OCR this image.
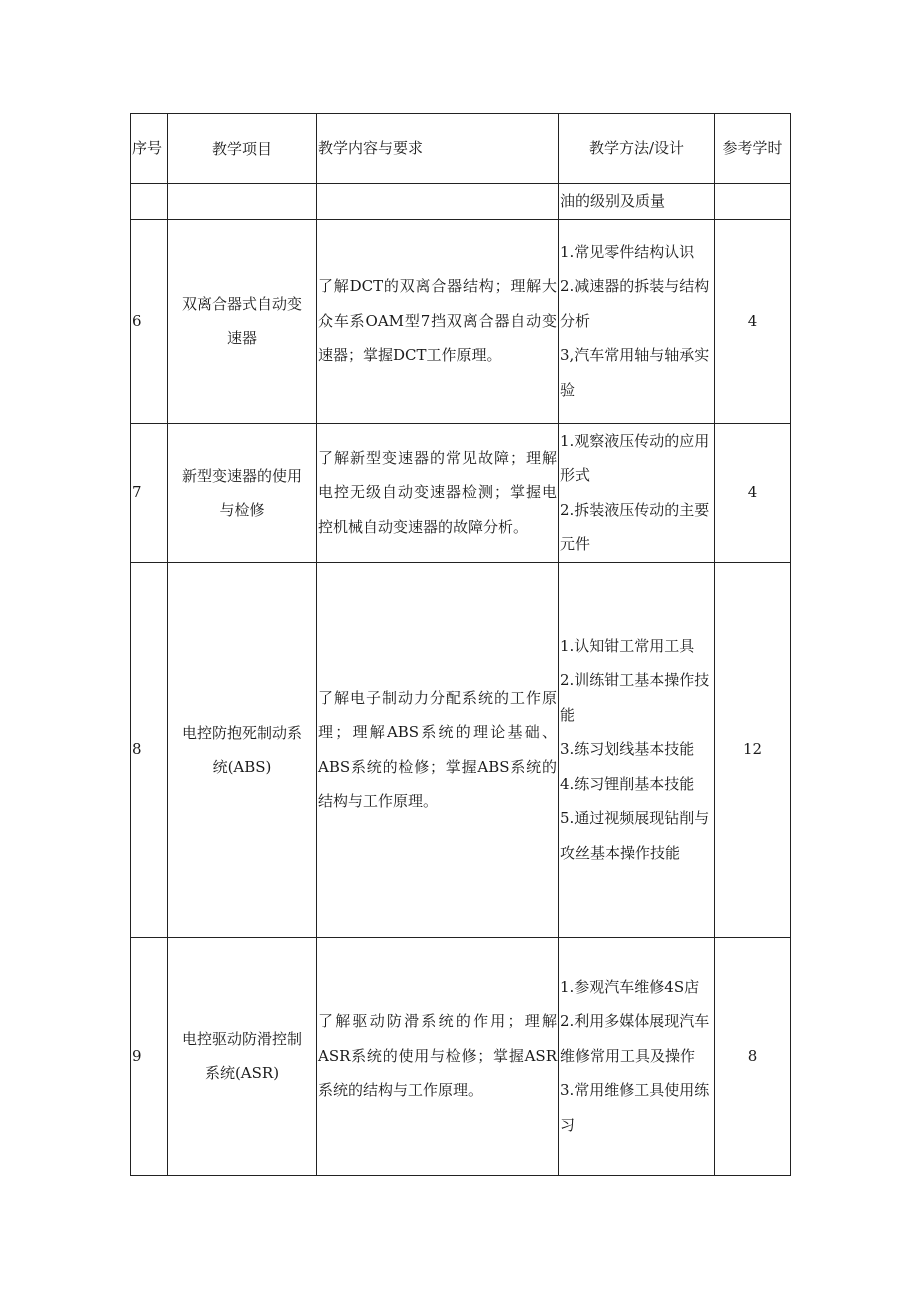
序号	教学项目	教学内容与要求	教学方法/设计	参考学时
			油的级别及质量	
6	双离合器式自动变速器	了解DCT的双离合器结构；理解大众车系OAM型7挡双离合器自动变速器；掌握DCT工作原理。	1.常见零件结构认识
2.减速器的拆装与结构分析
3,汽车常用轴与轴承实验	4
7	新型变速器的使用与检修	了解新型变速器的常见故障；理解电控无级自动变速器检测；掌握电控机械自动变速器的故障分析。	1.观察液压传动的应用形式
2.拆装液压传动的主要元件	4
8	电控防抱死制动系统(ABS)	了解电子制动力分配系统的工作原理；理解ABS系统的理论基础、ABS系统的检修；掌握ABS系统的结构与工作原理。	1.认知钳工常用工具
2.训练钳工基本操作技能
3.练习划线基本技能
4.练习锂削基本技能
5.通过视频展现钻削与攻丝基本操作技能	12
9	电控驱动防滑控制系统(ASR)	了解驱动防滑系统的作用；理解ASR系统的使用与检修；掌握ASR系统的结构与工作原理。	1.参观汽车维修4S店
2.利用多媒体展现汽车维修常用工具及操作
3.常用维修工具使用练习	8
